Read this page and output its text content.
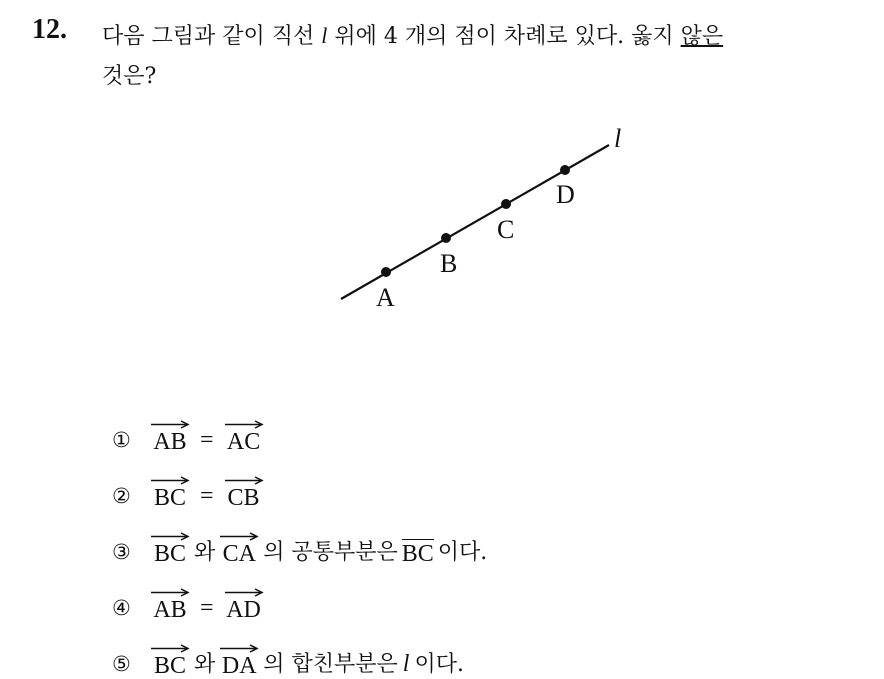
12. 다음 그림과 같이 직선 l 위에 4 개의 점이 차례로 있다. 옳지 않은
것은?
l
A
B
C
D
① AB = AC
② BC = CB
③ BC 와 CA 의 공통부분은 BC 이다.
④ AB = AD
⑤ BC 와 DA 의 합친부분은 l 이다.
